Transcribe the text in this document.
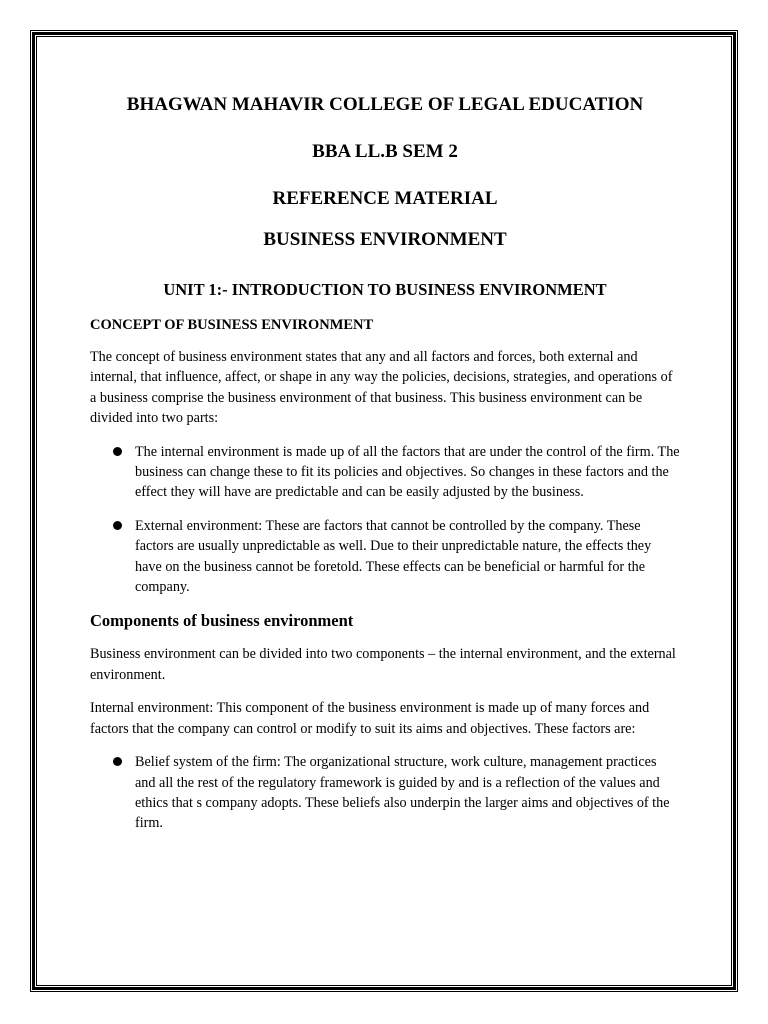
BHAGWAN MAHAVIR COLLEGE OF LEGAL EDUCATION
BBA LL.B SEM 2
REFERENCE MATERIAL
BUSINESS ENVIRONMENT
UNIT 1:- INTRODUCTION TO BUSINESS ENVIRONMENT
CONCEPT OF BUSINESS ENVIRONMENT

The concept of business environment states that any and all factors and forces, both external and internal, that influence, affect, or shape in any way the policies, decisions, strategies, and operations of a business comprise the business environment of that business. This business environment can be divided into two parts:

The internal environment is made up of all the factors that are under the control of the firm. The business can change these to fit its policies and objectives. So changes in these factors and the effect they will have are predictable and can be easily adjusted by the business.
External environment: These are factors that cannot be controlled by the company. These factors are usually unpredictable as well. Due to their unpredictable nature, the effects they have on the business cannot be foretold. These effects can be beneficial or harmful for the company.
Components of business environment

Business environment can be divided into two components – the internal environment, and the external environment.

Internal environment: This component of the business environment is made up of many forces and factors that the company can control or modify to suit its aims and objectives. These factors are:

Belief system of the firm: The organizational structure, work culture, management practices and all the rest of the regulatory framework is guided by and is a reflection of the values and ethics that s company adopts. These beliefs also underpin the larger aims and objectives of the firm.
